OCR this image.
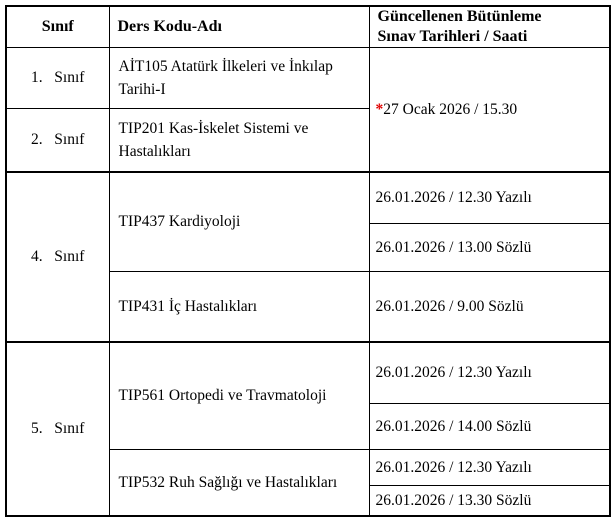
Sınıf	Ders Kodu-Adı	Güncellenen Bütünleme
Sınav Tarihleri / Saati

1.   Sınıf	AİT105 Atatürk İlkeleri ve İnkılap Tarihi-I	*27 Ocak 2026 / 15.30
2.   Sınıf	TIP201 Kas-İskelet Sistemi ve Hastalıkları	
4.   Sınıf	TIP437 Kardiyoloji	26.01.2026 / 12.30 Yazılı
		26.01.2026 / 13.00 Sözlü
	TIP431 İç Hastalıkları	26.01.2026 / 9.00 Sözlü
5.   Sınıf	TIP561 Ortopedi ve Travmatoloji	26.01.2026 / 12.30 Yazılı
		26.01.2026 / 14.00 Sözlü
	TIP532 Ruh Sağlığı ve Hastalıkları	26.01.2026 / 12.30 Yazılı
		26.01.2026 / 13.30 Sözlü
